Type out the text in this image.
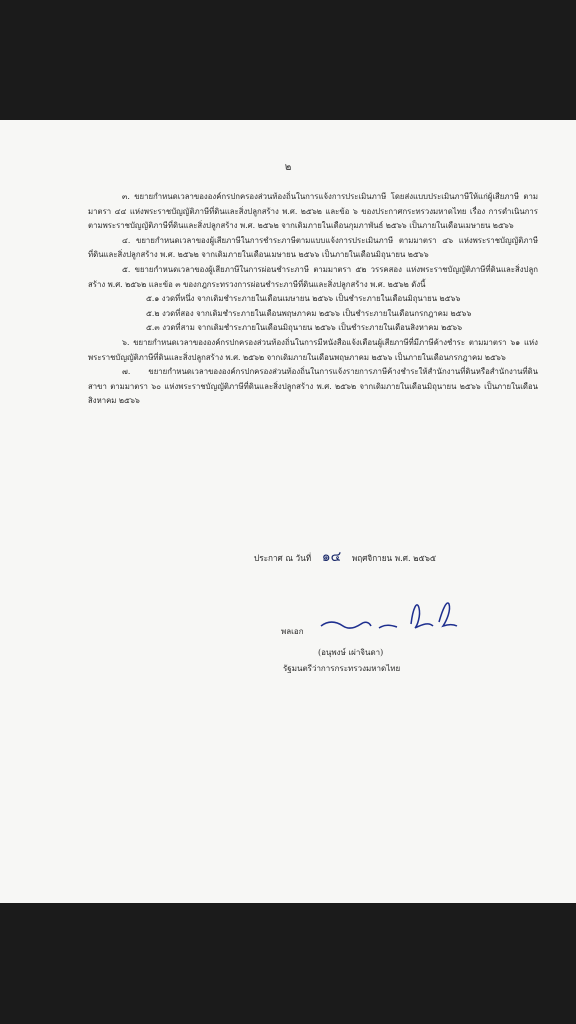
๒

๓. ขยายกำหนดเวลาขององค์กรปกครองส่วนท้องถิ่นในการแจ้งการประเมินภาษี โดยส่งแบบประเมินภาษีให้แก่ผู้เสียภาษี ตามมาตรา ๔๔ แห่งพระราชบัญญัติภาษีที่ดินและสิ่งปลูกสร้าง พ.ศ. ๒๕๖๒ และข้อ ๖ ของประกาศกระทรวงมหาดไทย เรื่อง การดำเนินการตามพระราชบัญญัติภาษีที่ดินและสิ่งปลูกสร้าง พ.ศ. ๒๕๖๒ จากเดิมภายในเดือนกุมภาพันธ์ ๒๕๖๖ เป็นภายในเดือนเมษายน ๒๕๖๖

๔. ขยายกำหนดเวลาของผู้เสียภาษีในการชำระภาษีตามแบบแจ้งการประเมินภาษี ตามมาตรา ๔๖ แห่งพระราชบัญญัติภาษีที่ดินและสิ่งปลูกสร้าง พ.ศ. ๒๕๖๒ จากเดิมภายในเดือนเมษายน ๒๕๖๖ เป็นภายในเดือนมิถุนายน ๒๕๖๖

๕. ขยายกำหนดเวลาของผู้เสียภาษีในการผ่อนชำระภาษี ตามมาตรา ๕๒ วรรคสอง แห่งพระราชบัญญัติภาษีที่ดินและสิ่งปลูกสร้าง พ.ศ. ๒๕๖๒ และข้อ ๓ ของกฎกระทรวงการผ่อนชำระภาษีที่ดินและสิ่งปลูกสร้าง พ.ศ. ๒๕๖๒ ดังนี้

๕.๑ งวดที่หนึ่ง จากเดิมชำระภายในเดือนเมษายน ๒๕๖๖ เป็นชำระภายในเดือนมิถุนายน ๒๕๖๖

๕.๒ งวดที่สอง จากเดิมชำระภายในเดือนพฤษภาคม ๒๕๖๖ เป็นชำระภายในเดือนกรกฎาคม ๒๕๖๖

๕.๓ งวดที่สาม จากเดิมชำระภายในเดือนมิถุนายน ๒๕๖๖ เป็นชำระภายในเดือนสิงหาคม ๒๕๖๖

๖. ขยายกำหนดเวลาขององค์กรปกครองส่วนท้องถิ่นในการมีหนังสือแจ้งเตือนผู้เสียภาษีที่มีภาษีค้างชำระ ตามมาตรา ๖๑ แห่งพระราชบัญญัติภาษีที่ดินและสิ่งปลูกสร้าง พ.ศ. ๒๕๖๒ จากเดิมภายในเดือนพฤษภาคม ๒๕๖๖ เป็นภายในเดือนกรกฎาคม ๒๕๖๖

๗. ขยายกำหนดเวลาขององค์กรปกครองส่วนท้องถิ่นในการแจ้งรายการภาษีค้างชำระให้สำนักงานที่ดินหรือสำนักงานที่ดินสาขา ตามมาตรา ๖๐ แห่งพระราชบัญญัติภาษีที่ดินและสิ่งปลูกสร้าง พ.ศ. ๒๕๖๒ จากเดิมภายในเดือนมิถุนายน ๒๕๖๖ เป็นภายในเดือนสิงหาคม ๒๕๖๖

ประกาศ ณ วันที่ ๑๔ พฤศจิกายน พ.ศ. ๒๕๖๕
พลเอก
(อนุพงษ์ เผ่าจินดา)
รัฐมนตรีว่าการกระทรวงมหาดไทย
